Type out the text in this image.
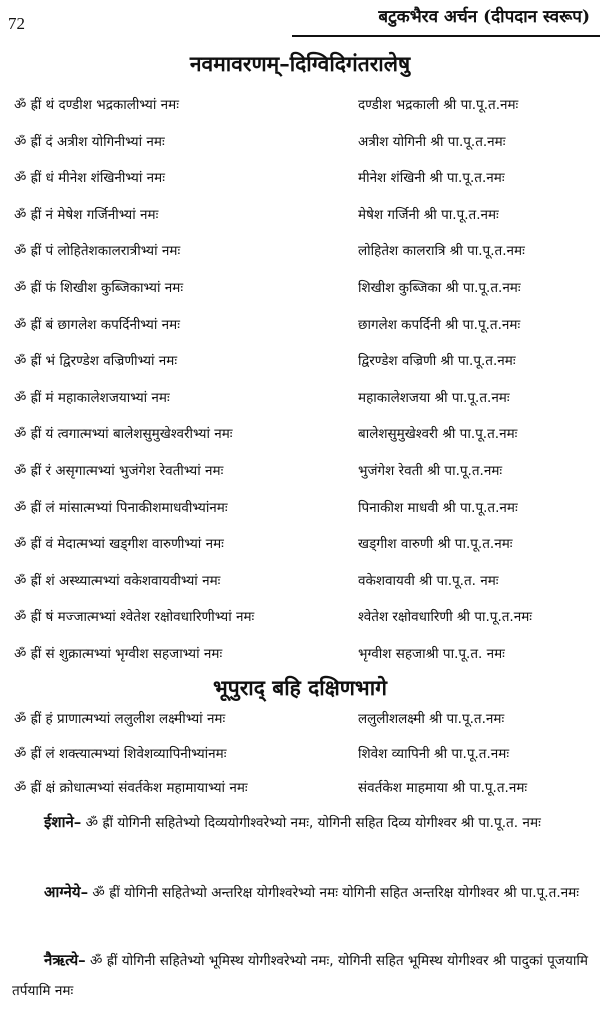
72	बटुकभैरव अर्चन (दीपदान स्वरूप)
नवमावरणम्–दिग्विदिगंतरालेषु
ॐ ह्रीं थं दण्डीश भद्रकालीभ्यां नमः	दण्डीश भद्रकाली श्री पा.पू.त.नमः
ॐ ह्रीं दं अत्रीश योगिनीभ्यां नमः	अत्रीश योगिनी श्री पा.पू.त.नमः
ॐ ह्रीं धं मीनेश शंखिनीभ्यां नमः	मीनेश शंखिनी श्री पा.पू.त.नमः
ॐ ह्रीं नं मेषेश गर्जिनीभ्यां नमः	मेषेश गर्जिनी श्री पा.पू.त.नमः
ॐ ह्रीं पं लोहितेशकालरात्रीभ्यां नमः	लोहितेश कालरात्रि श्री पा.पू.त.नमः
ॐ ह्रीं फं शिखीश कुब्जिकाभ्यां नमः	शिखीश कुब्जिका श्री पा.पू.त.नमः
ॐ ह्रीं बं छागलेश कपर्दिनीभ्यां नमः	छागलेश कपर्दिनी श्री पा.पू.त.नमः
ॐ ह्रीं भं द्विरण्डेश वज्रिणीभ्यां नमः	द्विरण्डेश वज्रिणी श्री पा.पू.त.नमः
ॐ ह्रीं मं महाकालेशजयाभ्यां नमः	महाकालेशजया श्री पा.पू.त.नमः
ॐ ह्रीं यं त्वगात्मभ्यां बालेशसुमुखेश्वरीभ्यां नमः	बालेशसुमुखेश्वरी श्री पा.पू.त.नमः
ॐ ह्रीं रं असृगात्मभ्यां भुजंगेश रेवतीभ्यां नमः	भुजंगेश रेवती श्री पा.पू.त.नमः
ॐ ह्रीं लं मांसात्मभ्यां पिनाकीशमाधवीभ्यांनमः	पिनाकीश माधवी श्री पा.पू.त.नमः
ॐ ह्रीं वं मेदात्मभ्यां खड्गीश वारुणीभ्यां नमः	खड्गीश वारुणी श्री पा.पू.त.नमः
ॐ ह्रीं शं अस्थ्यात्मभ्यां वकेशवायवीभ्यां नमः	वकेशवायवी श्री पा.पू.त. नमः
ॐ ह्रीं षं मज्जात्मभ्यां श्वेतेश रक्षोवधारिणीभ्यां नमः	श्वेतेश रक्षोवधारिणी श्री पा.पू.त.नमः
ॐ ह्रीं सं शुक्रात्मभ्यां भृग्वीश सहजाभ्यां नमः	भृग्वीश सहजाश्री पा.पू.त. नमः
भूपुराद् बहि दक्षिणभागे
ॐ ह्रीं हं प्राणात्मभ्यां ललुलीश लक्ष्मीभ्यां नमः	ललुलीशलक्ष्मी श्री पा.पू.त.नमः
ॐ ह्रीं लं शक्त्यात्मभ्यां शिवेशव्यापिनीभ्यांनमः	शिवेश व्यापिनी श्री पा.पू.त.नमः
ॐ ह्रीं क्षं क्रोधात्मभ्यां संवर्तकेश महामायाभ्यां नमः	संवर्तकेश माहमाया श्री पा.पू.त.नमः
ईशाने– ॐ ह्रीं योगिनी सहितेभ्यो दिव्ययोगीश्वरेभ्यो नमः, योगिनी सहित दिव्य योगीश्वर श्री पा.पू.त. नमः
आग्नेये– ॐ ह्रीं योगिनी सहितेभ्यो अन्तरिक्ष योगीश्वरेभ्यो नमः योगिनी सहित अन्तरिक्ष योगीश्वर श्री पा.पू.त.नमः
नैऋत्ये– ॐ ह्रीं योगिनी सहितेभ्यो भूमिस्थ योगीश्वरेभ्यो नमः, योगिनी सहित भूमिस्थ योगीश्वर श्री पादुकां पूजयामि तर्पयामि नमः
